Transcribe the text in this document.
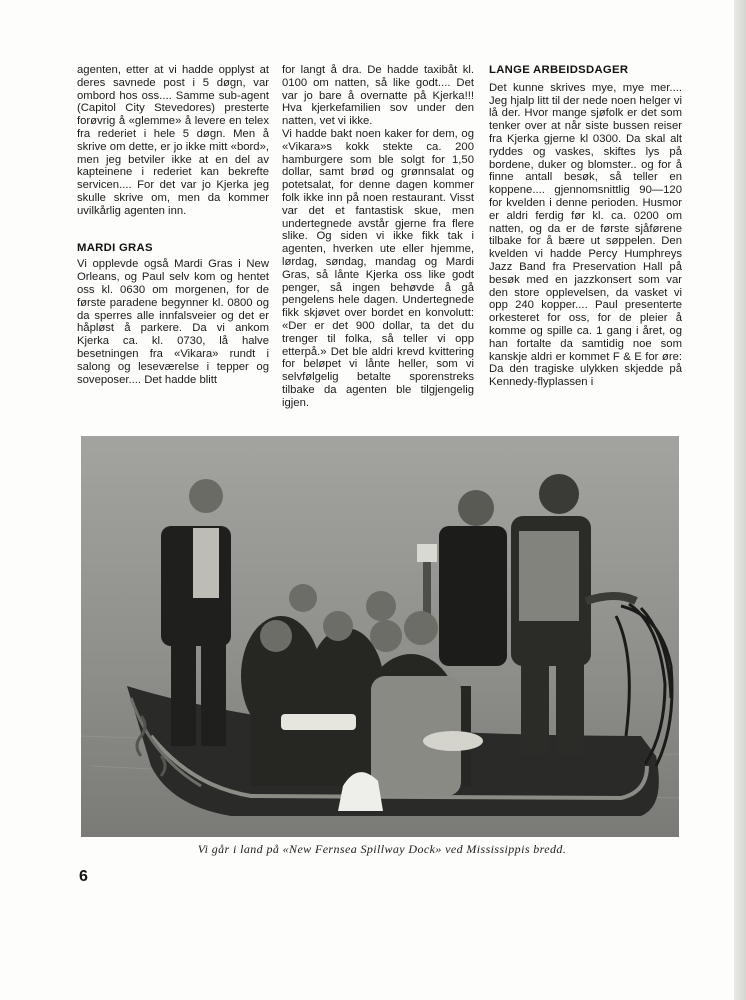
agenten, etter at vi hadde opplyst at deres savnede post i 5 døgn, var ombord hos oss.... Samme sub-agent (Capitol City Stevedores) presterte forøvrig å «glemme» å levere en telex fra rederiet i hele 5 døgn. Men å skrive om dette, er jo ikke mitt «bord», men jeg betviler ikke at en del av kapteinene i rederiet kan bekrefte servicen.... For det var jo Kjerka jeg skulle skrive om, men da kommer uvilkårlig agenten inn.

MARDI GRAS

Vi opplevde også Mardi Gras i New Orleans, og Paul selv kom og hentet oss kl. 0630 om morgenen, for de første paradene begynner kl. 0800 og da sperres alle innfalsveier og det er håpløst å parkere. Da vi ankom Kjerka ca. kl. 0730, lå halve besetningen fra «Vikara» rundt i salong og leseværelse i tepper og soveposer.... Det hadde blitt

for langt å dra. De hadde taxibåt kl. 0100 om natten, så like godt.... Det var jo bare å overnatte på Kjerka!!! Hva kjerkefamilien sov under den natten, vet vi ikke.

Vi hadde bakt noen kaker for dem, og «Vikara»s kokk stekte ca. 200 hamburgere som ble solgt for 1,50 dollar, samt brød og grønnsalat og potetsalat, for denne dagen kommer folk ikke inn på noen restaurant. Visst var det et fantastisk skue, men undertegnede avstår gjerne fra flere slike. Og siden vi ikke fikk tak i agenten, hverken ute eller hjemme, lørdag, søndag, mandag og Mardi Gras, så lånte Kjerka oss like godt penger, så ingen behøvde å gå pengelens hele dagen. Undertegnede fikk skjøvet over bordet en konvolutt: «Der er det 900 dollar, ta det du trenger til folka, så teller vi opp etterpå.» Det ble aldri krevd kvittering for beløpet vi lånte heller, som vi selvfølgelig betalte sporenstreks tilbake da agenten ble tilgjengelig igjen.

LANGE ARBEIDSDAGER

Det kunne skrives mye, mye mer.... Jeg hjalp litt til der nede noen helger vi lå der. Hvor mange sjøfolk er det som tenker over at når siste bussen reiser fra Kjerka gjerne kl 0300. Da skal alt ryddes og vaskes, skiftes lys på bordene, duker og blomster.. og for å finne antall besøk, så teller en koppene.... gjennomsnittlig 90—120 for kvelden i denne perioden. Husmor er aldri ferdig før kl. ca. 0200 om natten, og da er de første sjåførene tilbake for å bære ut søppelen. Den kvelden vi hadde Percy Humphreys Jazz Band fra Preservation Hall på besøk med en jazzkonsert som var den store opplevelsen, da vasket vi opp 240 kopper.... Paul presenterte orkesteret for oss, for de pleier å komme og spille ca. 1 gang i året, og han fortalte da samtidig noe som kanskje aldri er kommet F & E for øre: Da den tragiske ulykken skjedde på Kennedy-flyplassen i

Vi går i land på «New Fernsea Spillway Dock» ved Mississippis bredd.
6
